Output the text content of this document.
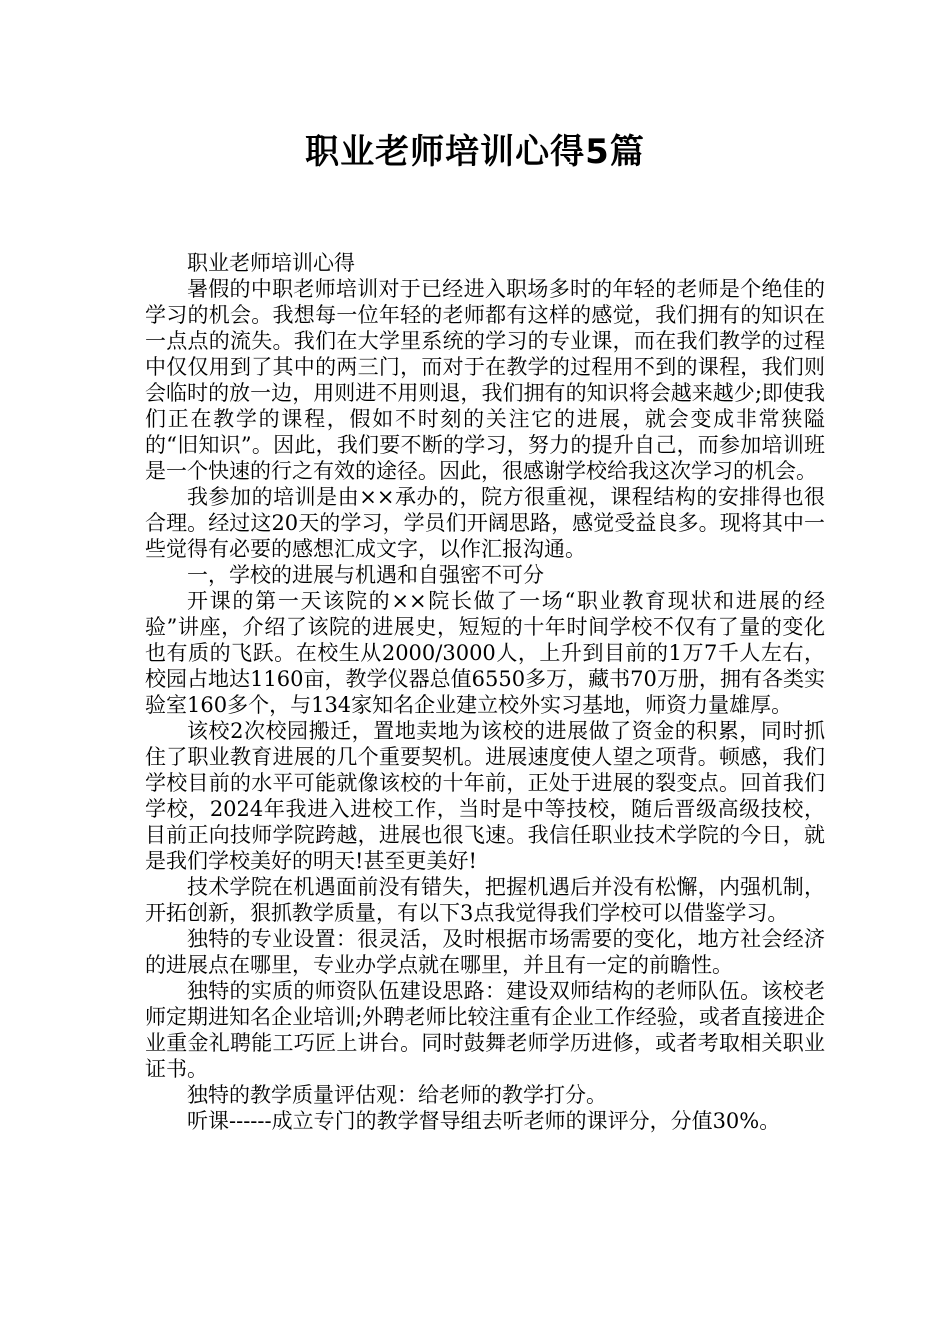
职业老师培训心得5篇

职业老师培训心得

暑假的中职老师培训对于已经进入职场多时的年轻的老师是个绝佳的学习的机会。我想每一位年轻的老师都有这样的感觉，我们拥有的知识在一点点的流失。我们在大学里系统的学习的专业课，而在我们教学的过程中仅仅用到了其中的两三门，而对于在教学的过程用不到的课程，我们则会临时的放一边，用则进不用则退，我们拥有的知识将会越来越少;即使我们正在教学的课程，假如不时刻的关注它的进展，就会变成非常狭隘的“旧知识”。因此，我们要不断的学习，努力的提升自己，而参加培训班是一个快速的行之有效的途径。因此，很感谢学校给我这次学习的机会。

我参加的培训是由××承办的，院方很重视，课程结构的安排得也很合理。经过这20天的学习，学员们开阔思路，感觉受益良多。现将其中一些觉得有必要的感想汇成文字，以作汇报沟通。

一，学校的进展与机遇和自强密不可分

开课的第一天该院的××院长做了一场“职业教育现状和进展的经验”讲座，介绍了该院的进展史，短短的十年时间学校不仅有了量的变化也有质的飞跃。在校生从2000/3000人，上升到目前的1万7千人左右，校园占地达1160亩，教学仪器总值6550多万，藏书70万册，拥有各类实验室160多个，与134家知名企业建立校外实习基地，师资力量雄厚。

该校2次校园搬迁，置地卖地为该校的进展做了资金的积累，同时抓住了职业教育进展的几个重要契机。进展速度使人望之项背。顿感，我们学校目前的水平可能就像该校的十年前，正处于进展的裂变点。回首我们学校，2024年我进入进校工作，当时是中等技校，随后晋级高级技校，目前正向技师学院跨越，进展也很飞速。我信任职业技术学院的今日，就是我们学校美好的明天!甚至更美好!

技术学院在机遇面前没有错失，把握机遇后并没有松懈，内强机制，开拓创新，狠抓教学质量，有以下3点我觉得我们学校可以借鉴学习。

独特的专业设置：很灵活，及时根据市场需要的变化，地方社会经济的进展点在哪里，专业办学点就在哪里，并且有一定的前瞻性。

独特的实质的师资队伍建设思路：建设双师结构的老师队伍。该校老师定期进知名企业培训;外聘老师比较注重有企业工作经验，或者直接进企业重金礼聘能工巧匠上讲台。同时鼓舞老师学历进修，或者考取相关职业证书。

独特的教学质量评估观：给老师的教学打分。

听课------成立专门的教学督导组去听老师的课评分，分值30%。
